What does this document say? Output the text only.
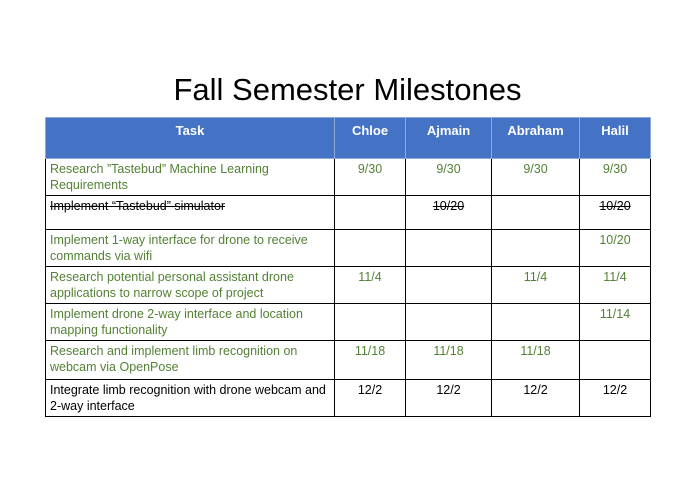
Fall Semester Milestones
Task	Chloe	Ajmain	Abraham	Halil
Research ”Tastebud” Machine Learning Requirements	9/30	9/30	9/30	9/30
Implement “Tastebud” simulator		10/20		10/20
Implement 1-way interface for drone to receive commands via wifi				10/20
Research potential personal assistant drone applications to narrow scope of project	11/4		11/4	11/4
Implement drone 2-way interface and location mapping functionality				11/14
Research and implement limb recognition on webcam via OpenPose	11/18	11/18	11/18	
Integrate limb recognition with drone webcam and 2-way interface	12/2	12/2	12/2	12/2
